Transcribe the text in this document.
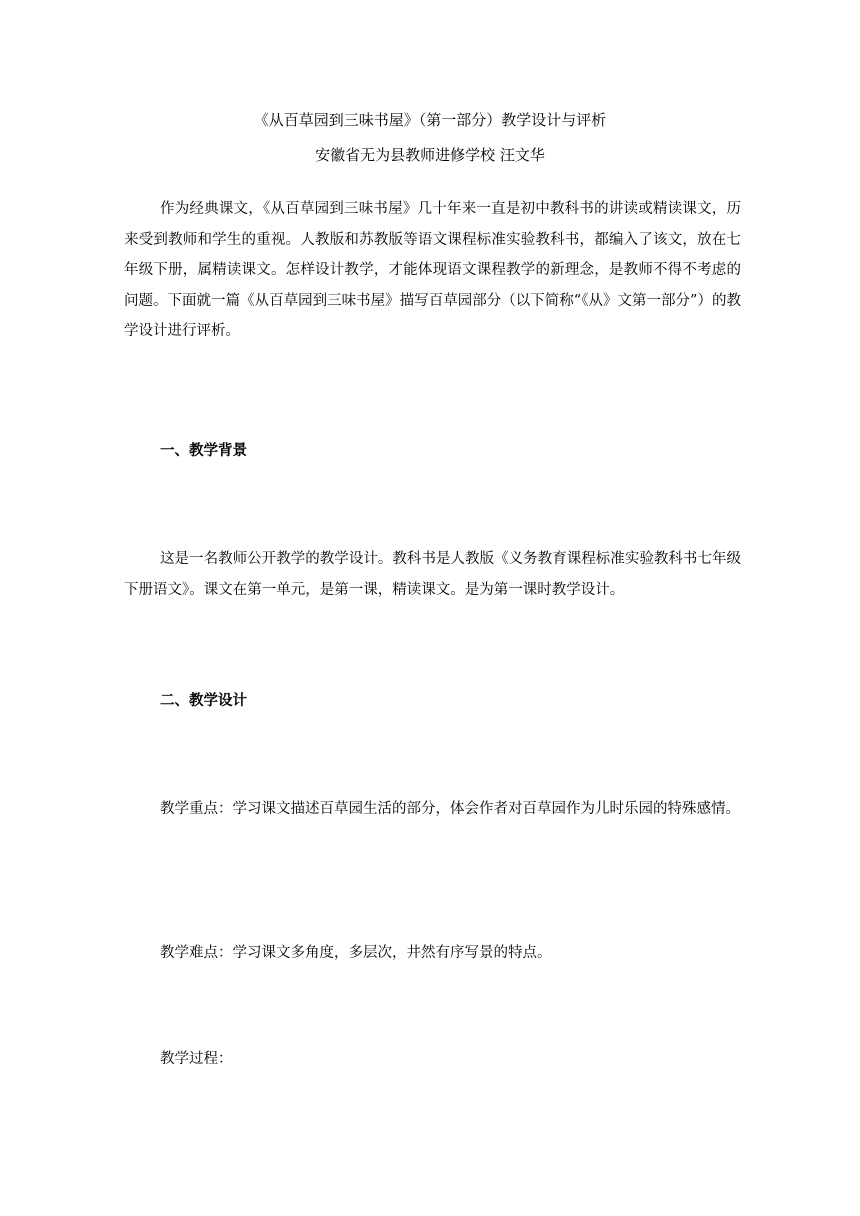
《从百草园到三味书屋》（第一部分）教学设计与评析
安徽省无为县教师进修学校 汪文华

作为经典课文，《从百草园到三味书屋》几十年来一直是初中教科书的讲读或精读课文，历来受到教师和学生的重视。人教版和苏教版等语文课程标准实验教科书，都编入了该文，放在七年级下册，属精读课文。怎样设计教学，才能体现语文课程教学的新理念，是教师不得不考虑的问题。下面就一篇《从百草园到三味书屋》描写百草园部分（以下简称“《从》文第一部分”）的教学设计进行评析。

一、教学背景

这是一名教师公开教学的教学设计。教科书是人教版《义务教育课程标准实验教科书七年级下册语文》。课文在第一单元，是第一课，精读课文。是为第一课时教学设计。

二、教学设计

教学重点：学习课文描述百草园生活的部分，体会作者对百草园作为儿时乐园的特殊感情。

教学难点：学习课文多角度，多层次，井然有序写景的特点。

教学过程：
